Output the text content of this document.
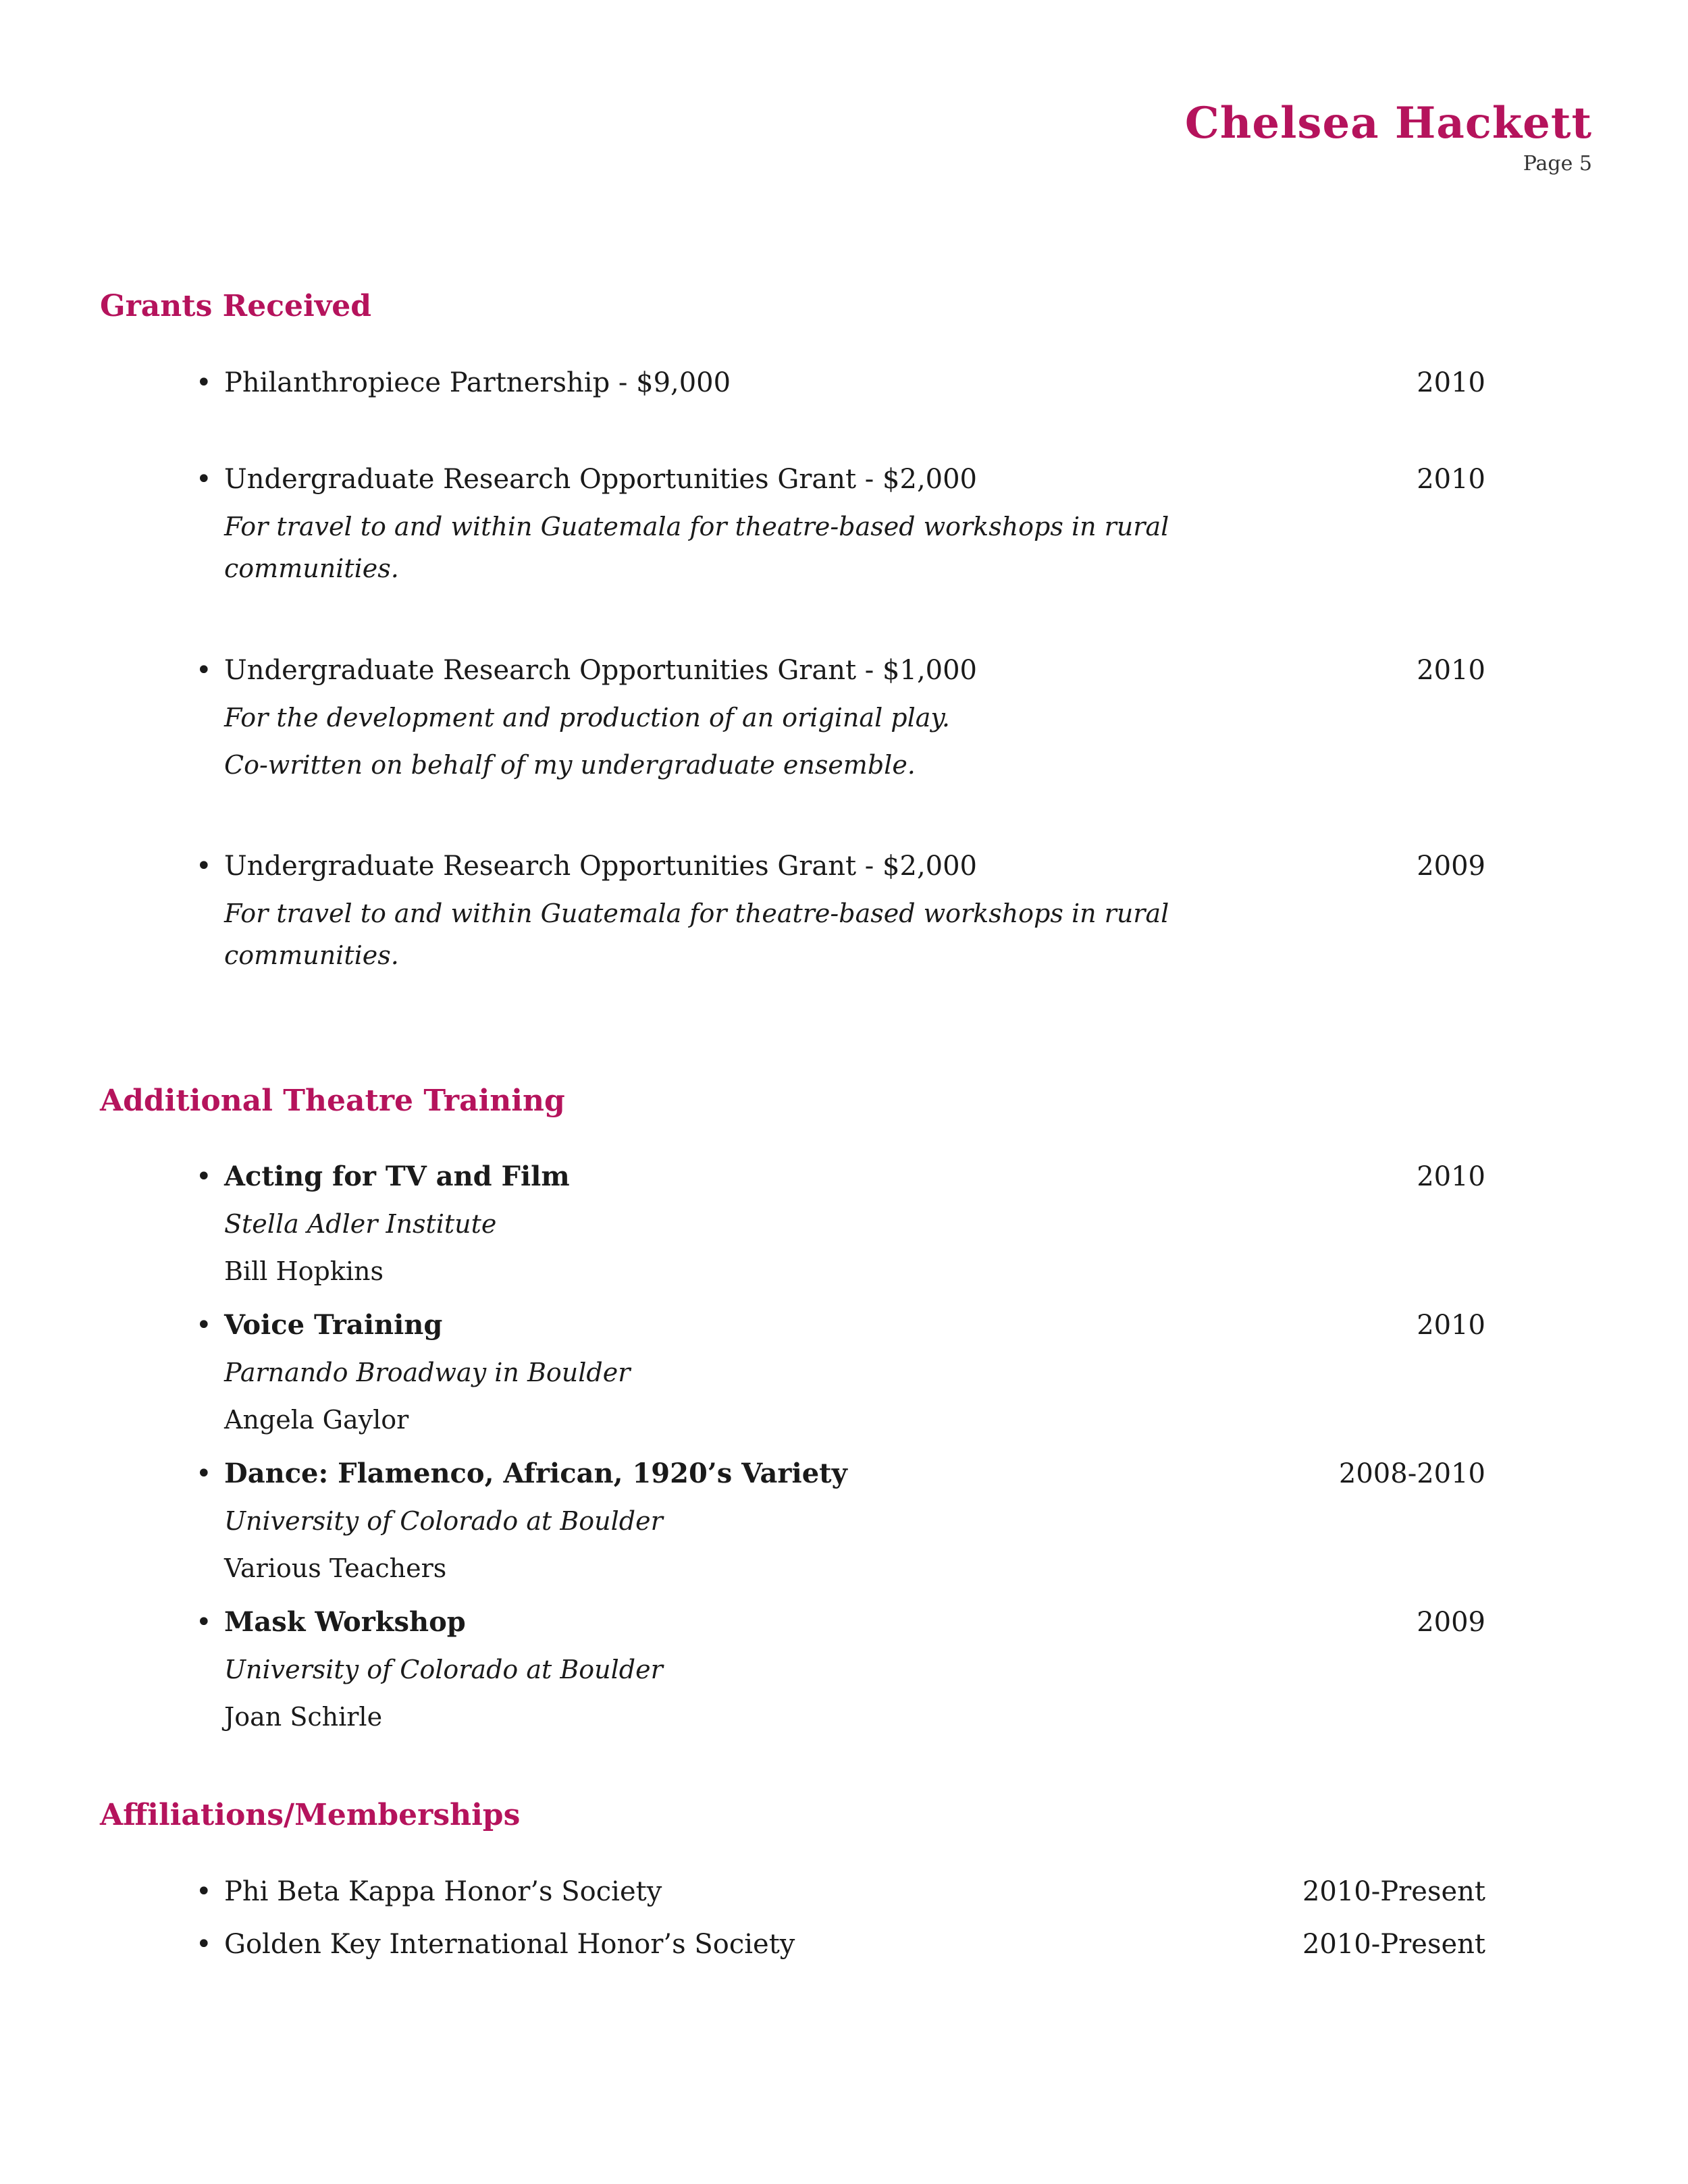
Chelsea Hackett
Page 5
Grants Received
• Philanthropiece Partnership - $9,000	2010
• Undergraduate Research Opportunities Grant - $2,000	2010
For travel to and within Guatemala for theatre-based workshops in rural
communities.
• Undergraduate Research Opportunities Grant - $1,000	2010
For the development and production of an original play.
Co-written on behalf of my undergraduate ensemble.
• Undergraduate Research Opportunities Grant - $2,000	2009
For travel to and within Guatemala for theatre-based workshops in rural
communities.
Additional Theatre Training
• Acting for TV and Film	2010
Stella Adler Institute
Bill Hopkins
• Voice Training	2010
Parnando Broadway in Boulder
Angela Gaylor
• Dance: Flamenco, African, 1920’s Variety	2008-2010
University of Colorado at Boulder
Various Teachers
• Mask Workshop	2009
University of Colorado at Boulder
Joan Schirle
Affiliations/Memberships
• Phi Beta Kappa Honor’s Society	2010-Present
• Golden Key International Honor’s Society	2010-Present
